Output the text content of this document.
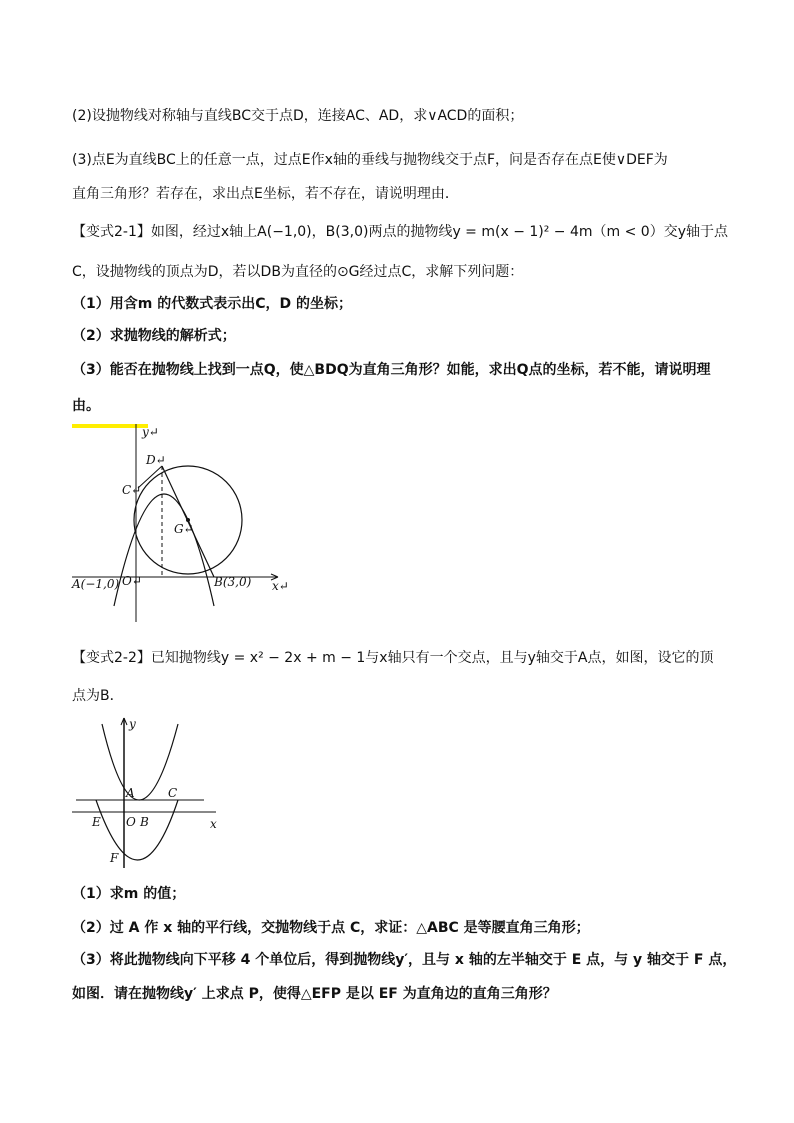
(2)设抛物线对称轴与直线BC交于点D，连接AC、AD，求∨ACD的面积；
(3)点E为直线BC上的任意一点，过点E作x轴的垂线与抛物线交于点F，问是否存在点E使∨DEF为
直角三角形？若存在，求出点E坐标，若不存在，请说明理由．
【变式2-1】如图，经过x轴上A(−1,0)，B(3,0)两点的抛物线y = m(x − 1)² − 4m（m < 0）交y轴于点
C，设抛物线的顶点为D，若以DB为直径的⊙G经过点C，求解下列问题：
（1）用含m 的代数式表示出C，D 的坐标；
（2）求抛物线的解析式；
（3）能否在抛物线上找到一点Q，使△BDQ为直角三角形？如能，求出Q点的坐标，若不能，请说明理
由。
y↵
x↵
D↵
C↵
G↵
O↵
A(−1,0)	B(3,0)
【变式2-2】已知抛物线y = x² − 2x + m − 1与x轴只有一个交点，且与y轴交于A点，如图，设它的顶
点为B．
y
x
A	C
E O B
F
（1）求m 的值；
（2）过 A 作 x 轴的平行线，交抛物线于点 C，求证：△ABC 是等腰直角三角形；
（3）将此抛物线向下平移 4 个单位后，得到抛物线y′，且与 x 轴的左半轴交于 E 点，与 y 轴交于 F 点，
如图．请在抛物线y′ 上求点 P，使得△EFP 是以 EF 为直角边的直角三角形？
